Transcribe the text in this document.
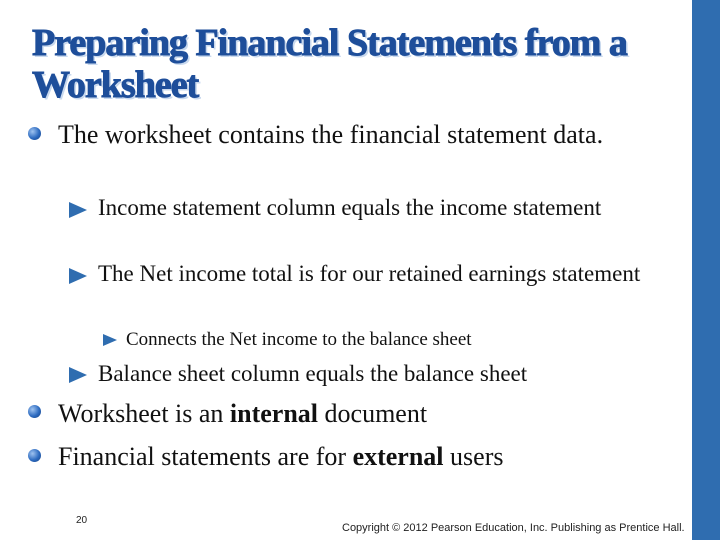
Preparing Financial Statements from a Worksheet
The worksheet contains the financial statement data.
Income statement column equals the income statement
The Net income total is for our retained earnings statement
Connects the Net income to the balance sheet
Balance sheet column equals the balance sheet
Worksheet is an internal document
Financial statements are for external users
20
Copyright © 2012 Pearson Education, Inc. Publishing as Prentice Hall.
